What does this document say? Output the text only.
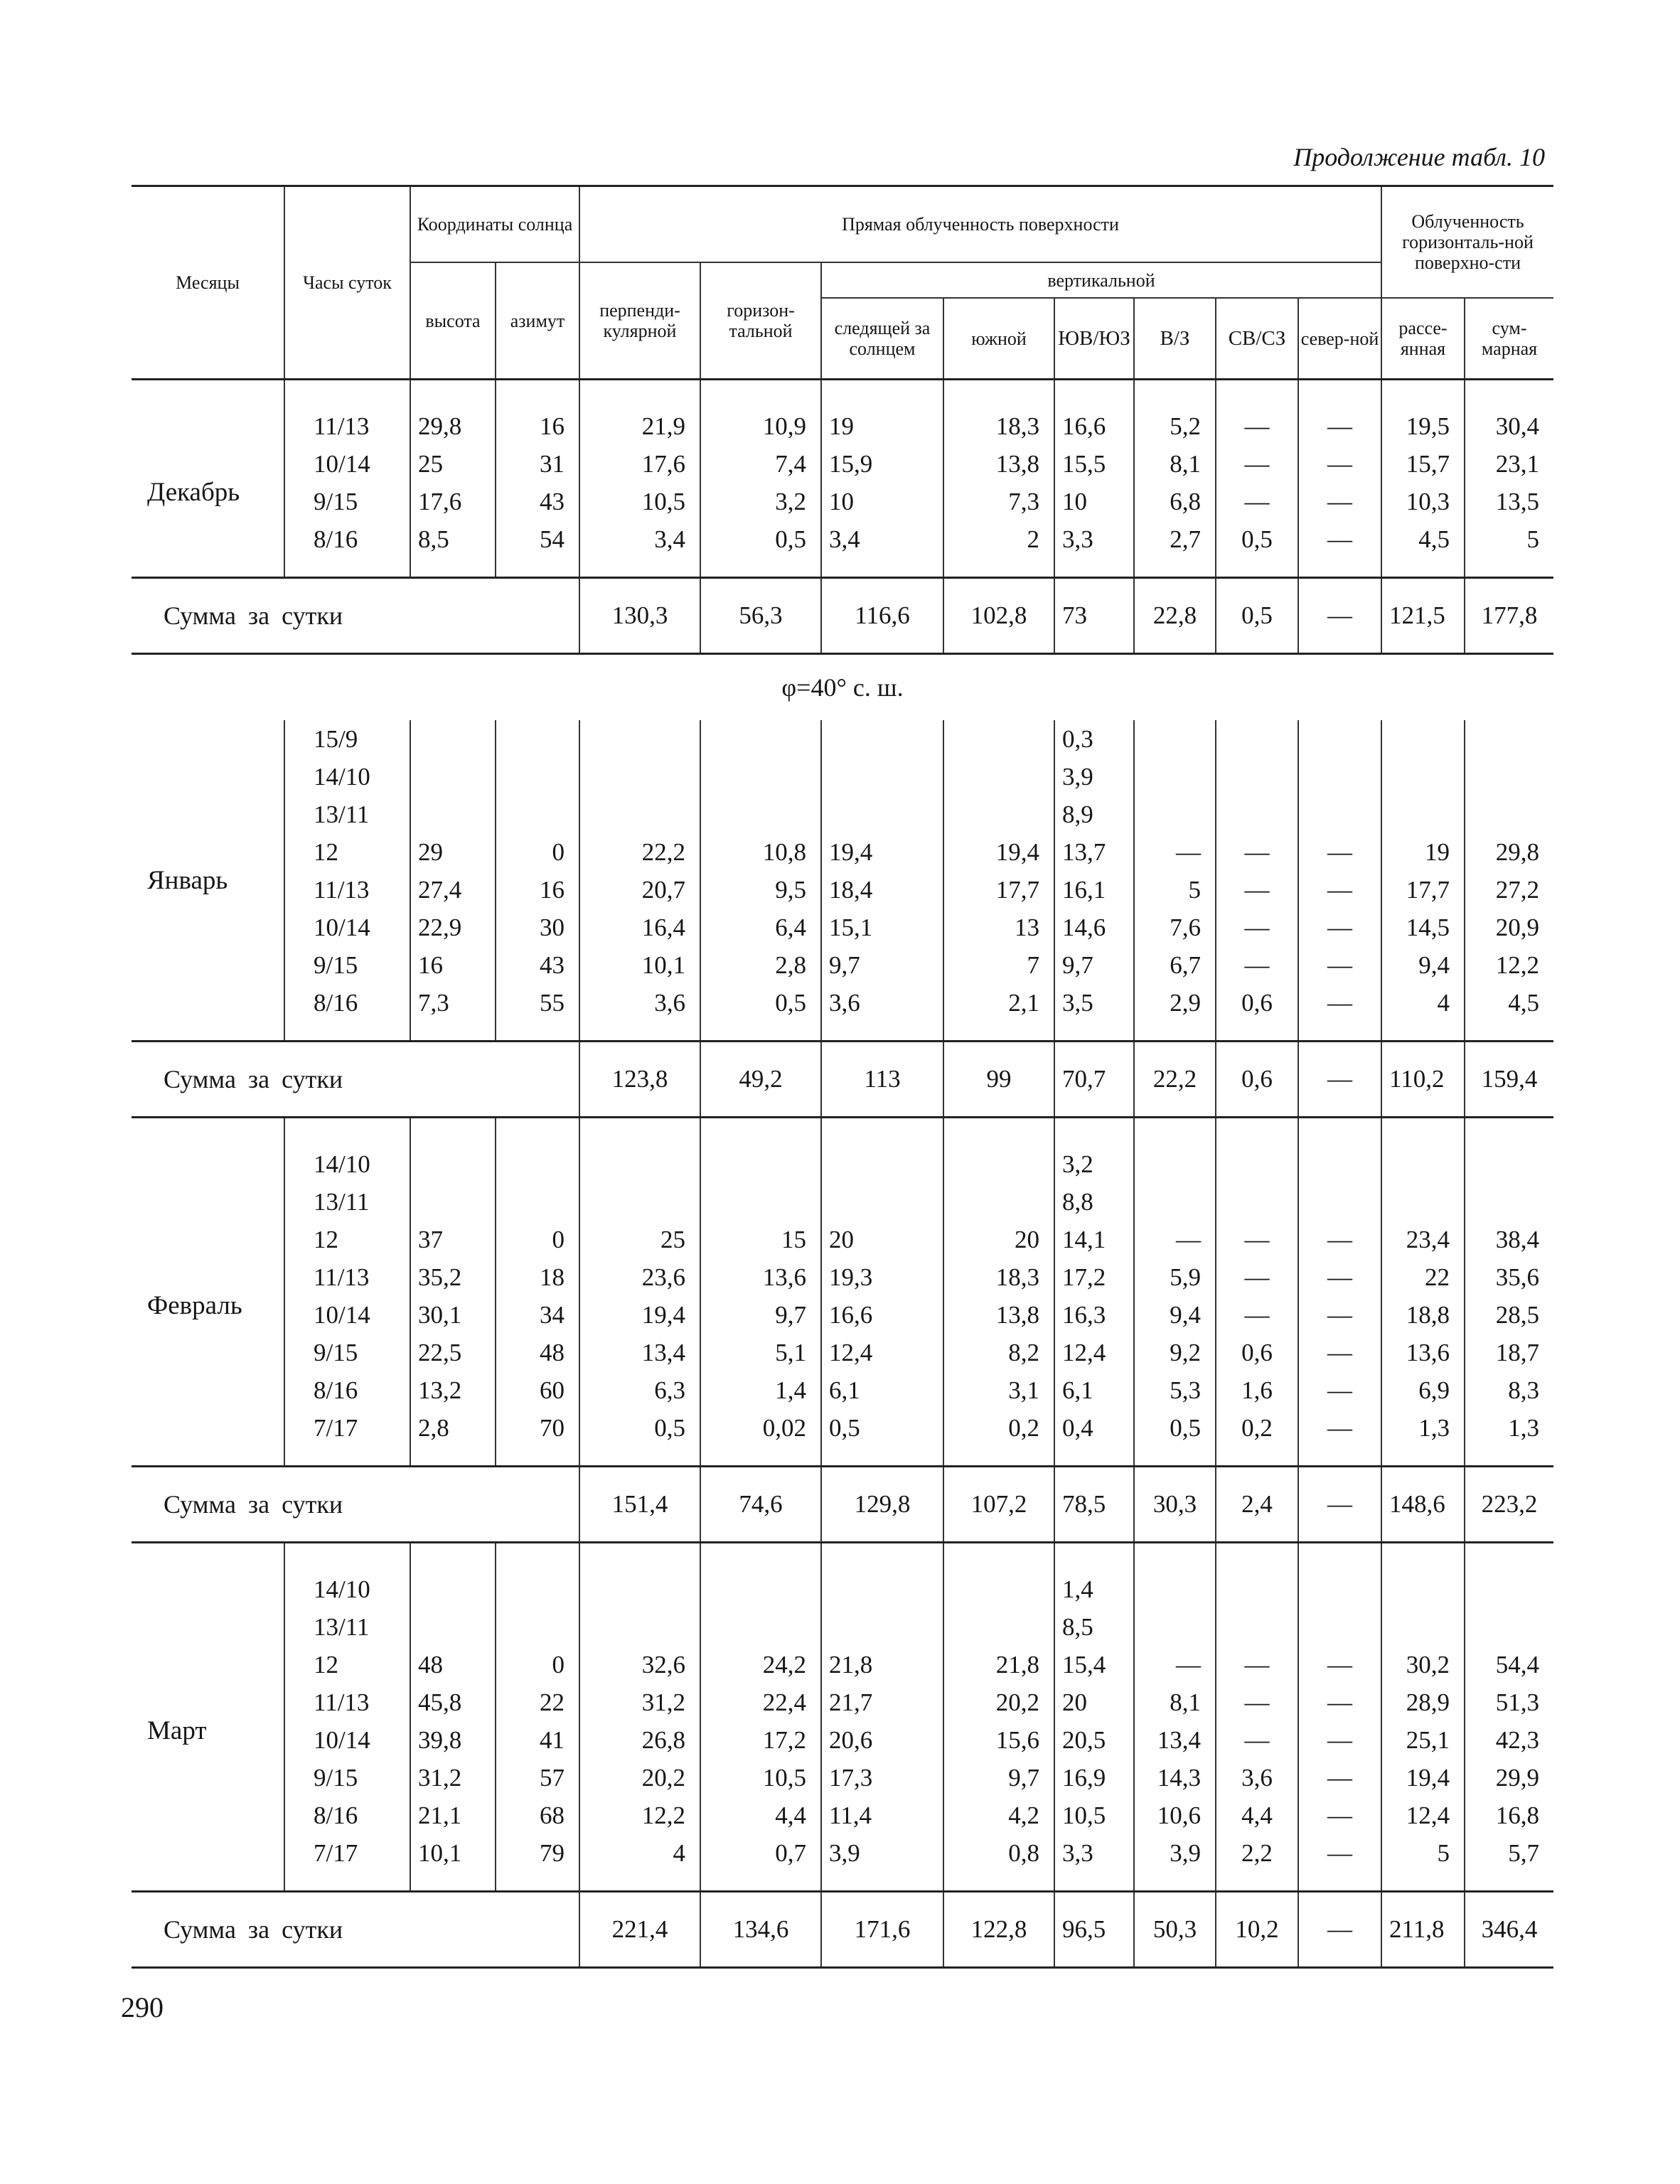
Продолжение табл. 10
Месяцы	Часы суток	Координаты солнца		Прямая облученность поверхности								Облученность горизонталь-ной поверхно-сти	
		высота	азимут	перпенди-кулярной	горизон-тальной	вертикальной							
						следящей за солнцем	южной	ЮВ/ЮЗ	В/З	СВ/СЗ	север-ной	рассе-янная	сум-марная

Декабрь	11/13	29,8	16	21,9	10,9	19	18,3	16,6	5,2	—	—	19,5	30,4
	10/14	25	31	17,6	7,4	15,9	13,8	15,5	8,1	—	—	15,7	23,1
	9/15	17,6	43	10,5	3,2	10	7,3	10	6,8	—	—	10,3	13,5
	8/16	8,5	54	3,4	0,5	3,4	2	3,3	2,7	0,5	—	4,5	5

Сумма за сутки				130,3	56,3	116,6	102,8	73	22,8	0,5	—	121,5	177,8
φ=40° с. ш.													
Январь	15/9							0,3					
	14/10							3,9					
	13/11							8,9					
	12	29	0	22,2	10,8	19,4	19,4	13,7	—	—	—	19	29,8
	11/13	27,4	16	20,7	9,5	18,4	17,7	16,1	5	—	—	17,7	27,2
	10/14	22,9	30	16,4	6,4	15,1	13	14,6	7,6	—	—	14,5	20,9
	9/15	16	43	10,1	2,8	9,7	7	9,7	6,7	—	—	9,4	12,2
	8/16	7,3	55	3,6	0,5	3,6	2,1	3,5	2,9	0,6	—	4	4,5

Сумма за сутки				123,8	49,2	113	99	70,7	22,2	0,6	—	110,2	159,4

Февраль	14/10							3,2					
	13/11							8,8					
	12	37	0	25	15	20	20	14,1	—	—	—	23,4	38,4
	11/13	35,2	18	23,6	13,6	19,3	18,3	17,2	5,9	—	—	22	35,6
	10/14	30,1	34	19,4	9,7	16,6	13,8	16,3	9,4	—	—	18,8	28,5
	9/15	22,5	48	13,4	5,1	12,4	8,2	12,4	9,2	0,6	—	13,6	18,7
	8/16	13,2	60	6,3	1,4	6,1	3,1	6,1	5,3	1,6	—	6,9	8,3
	7/17	2,8	70	0,5	0,02	0,5	0,2	0,4	0,5	0,2	—	1,3	1,3

Сумма за сутки				151,4	74,6	129,8	107,2	78,5	30,3	2,4	—	148,6	223,2

Март	14/10							1,4					
	13/11							8,5					
	12	48	0	32,6	24,2	21,8	21,8	15,4	—	—	—	30,2	54,4
	11/13	45,8	22	31,2	22,4	21,7	20,2	20	8,1	—	—	28,9	51,3
	10/14	39,8	41	26,8	17,2	20,6	15,6	20,5	13,4	—	—	25,1	42,3
	9/15	31,2	57	20,2	10,5	17,3	9,7	16,9	14,3	3,6	—	19,4	29,9
	8/16	21,1	68	12,2	4,4	11,4	4,2	10,5	10,6	4,4	—	12,4	16,8
	7/17	10,1	79	4	0,7	3,9	0,8	3,3	3,9	2,2	—	5	5,7

Сумма за сутки				221,4	134,6	171,6	122,8	96,5	50,3	10,2	—	211,8	346,4
290
